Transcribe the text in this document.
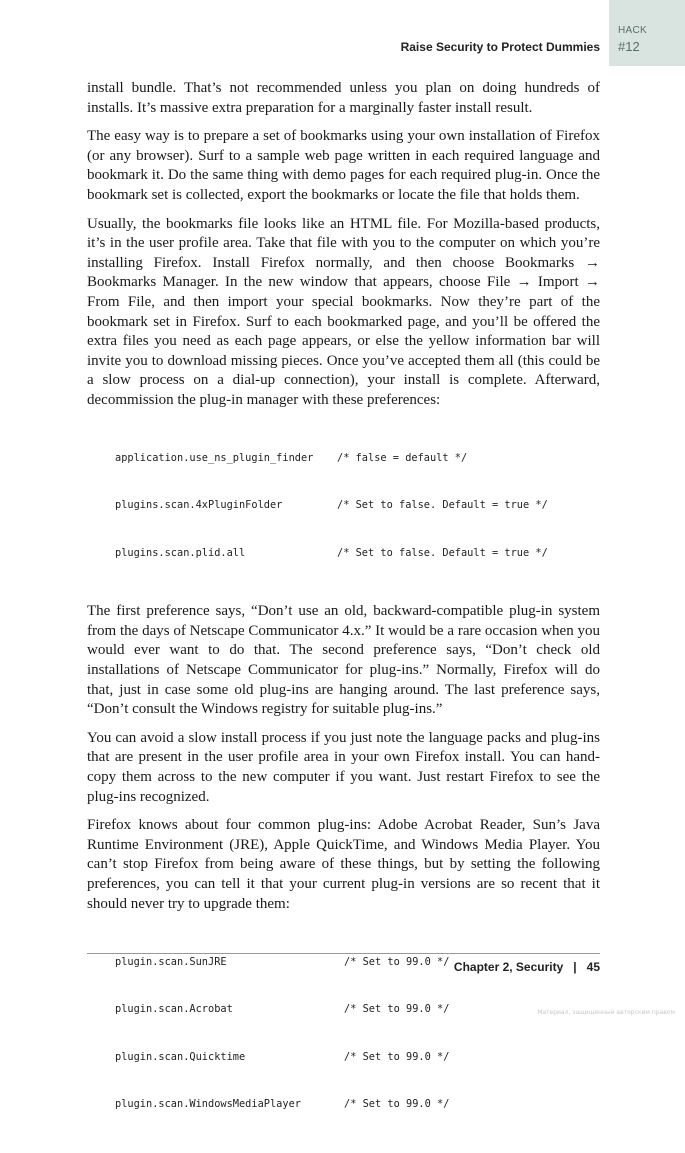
HACK
#12
Raise Security to Protect Dummies

install bundle. That’s not recommended unless you plan on doing hundreds of installs. It’s massive extra preparation for a marginally faster install result.

The easy way is to prepare a set of bookmarks using your own installation of Firefox (or any browser). Surf to a sample web page written in each required language and bookmark it. Do the same thing with demo pages for each required plug-in. Once the bookmark set is collected, export the bookmarks or locate the file that holds them.

Usually, the bookmarks file looks like an HTML file. For Mozilla-based products, it’s in the user profile area. Take that file with you to the computer on which you’re installing Firefox. Install Firefox normally, and then choose Bookmarks → Bookmarks Manager. In the new window that appears, choose File → Import → From File, and then import your special bookmarks. Now they’re part of the bookmark set in Firefox. Surf to each bookmarked page, and you’ll be offered the extra files you need as each page appears, or else the yellow information bar will invite you to download missing pieces. Once you’ve accepted them all (this could be a slow process on a dial-up connection), your install is complete. Afterward, decommission the plug-in manager with these preferences:

application.use_ns_plugin_finder /* false = default */

plugins.scan.4xPluginFolder	/* Set to false. Default = true */

plugins.scan.plid.all	/* Set to false. Default = true */

The first preference says, “Don’t use an old, backward-compatible plug-in system from the days of Netscape Communicator 4.x.” It would be a rare occasion when you would ever want to do that. The second preference says, “Don’t check old installations of Netscape Communicator for plug-ins.” Normally, Firefox will do that, just in case some old plug-ins are hanging around. The last preference says, “Don’t consult the Windows registry for suitable plug-ins.”

You can avoid a slow install process if you just note the language packs and plug-ins that are present in the user profile area in your own Firefox install. You can hand-copy them across to the new computer if you want. Just restart Firefox to see the plug-ins recognized.

Firefox knows about four common plug-ins: Adobe Acrobat Reader, Sun’s Java Runtime Environment (JRE), Apple QuickTime, and Windows Media Player. You can’t stop Firefox from being aware of these things, but by setting the following preferences, you can tell it that your current plug-in versions are so recent that it should never try to upgrade them:

plugin.scan.SunJRE	/* Set to 99.0 */

plugin.scan.Acrobat	/* Set to 99.0 */

plugin.scan.Quicktime	/* Set to 99.0 */

plugin.scan.WindowsMediaPlayer	/* Set to 99.0 */

Chapter 2, Security | 45
Материал, защищенный авторским правом
